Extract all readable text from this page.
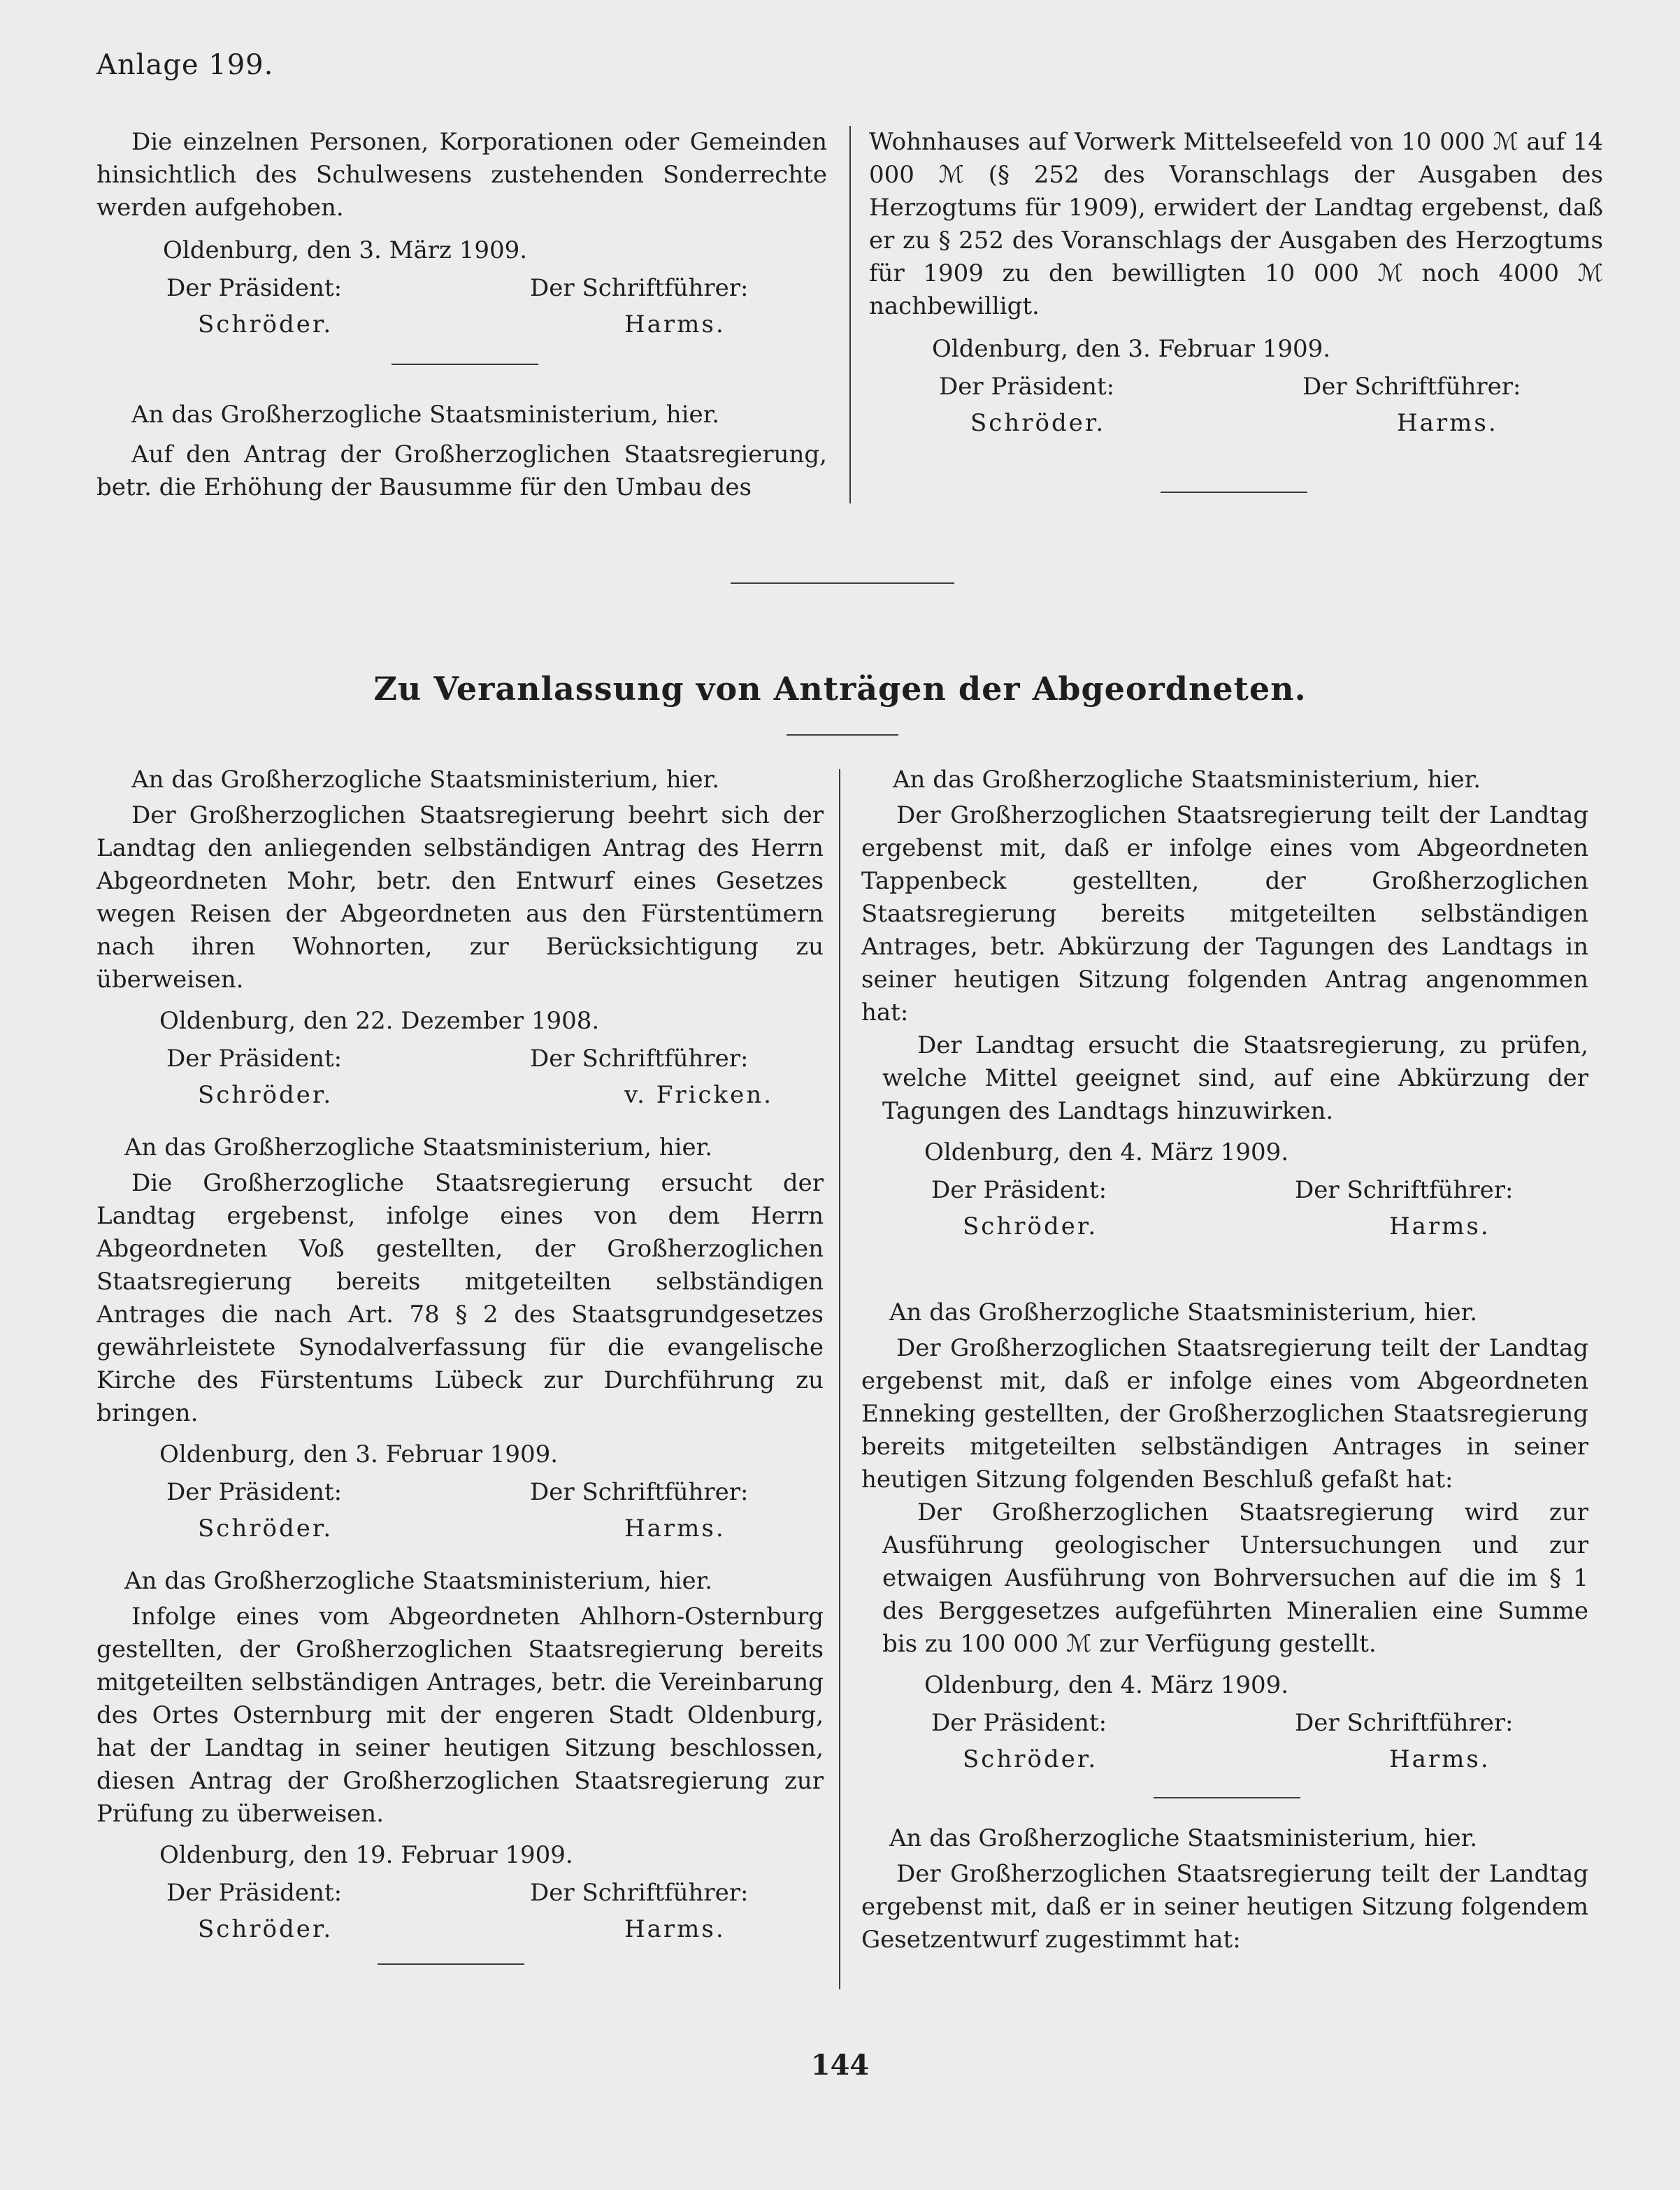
Anlage 199.

Die einzelnen Personen, Korporationen oder Gemeinden hinsichtlich des Schulwesens zustehenden Sonderrechte werden aufgehoben.

Oldenburg, den 3. März 1909.

Der Präsident:	Der Schriftführer:
Schröder.	Harms.

An das Großherzogliche Staatsministerium, hier.

Auf den Antrag der Großherzoglichen Staatsregierung, betr. die Erhöhung der Bausumme für den Umbau des

Wohnhauses auf Vorwerk Mittelseefeld von 10 000 ℳ auf 14 000 ℳ (§ 252 des Voranschlags der Ausgaben des Herzogtums für 1909), erwidert der Landtag ergebenst, daß er zu § 252 des Voranschlags der Ausgaben des Herzogtums für 1909 zu den bewilligten 10 000 ℳ noch 4000 ℳ nachbewilligt.

Oldenburg, den 3. Februar 1909.

Der Präsident:	Der Schriftführer:
Schröder.	Harms.
Zu Veranlassung von Anträgen der Abgeordneten.

An das Großherzogliche Staatsministerium, hier.

Der Großherzoglichen Staatsregierung beehrt sich der Landtag den anliegenden selbständigen Antrag des Herrn Abgeordneten Mohr, betr. den Entwurf eines Gesetzes wegen Reisen der Abgeordneten aus den Fürstentümern nach ihren Wohnorten, zur Berücksichtigung zu überweisen.

Oldenburg, den 22. Dezember 1908.

Der Präsident:	Der Schriftführer:
Schröder.	v. Fricken.

An das Großherzogliche Staatsministerium, hier.

Die Großherzogliche Staatsregierung ersucht der Landtag ergebenst, infolge eines von dem Herrn Abgeordneten Voß gestellten, der Großherzoglichen Staatsregierung bereits mitgeteilten selbständigen Antrages die nach Art. 78 § 2 des Staatsgrundgesetzes gewährleistete Synodalverfassung für die evangelische Kirche des Fürstentums Lübeck zur Durchführung zu bringen.

Oldenburg, den 3. Februar 1909.

Der Präsident:	Der Schriftführer:
Schröder.	Harms.

An das Großherzogliche Staatsministerium, hier.

Infolge eines vom Abgeordneten Ahlhorn-Osternburg gestellten, der Großherzoglichen Staatsregierung bereits mitgeteilten selbständigen Antrages, betr. die Vereinbarung des Ortes Osternburg mit der engeren Stadt Oldenburg, hat der Landtag in seiner heutigen Sitzung beschlossen, diesen Antrag der Großherzoglichen Staatsregierung zur Prüfung zu überweisen.

Oldenburg, den 19. Februar 1909.

Der Präsident:	Der Schriftführer:
Schröder.	Harms.

An das Großherzogliche Staatsministerium, hier.

Der Großherzoglichen Staatsregierung teilt der Landtag ergebenst mit, daß er infolge eines vom Abgeordneten Tappenbeck gestellten, der Großherzoglichen Staatsregierung bereits mitgeteilten selbständigen Antrages, betr. Abkürzung der Tagungen des Landtags in seiner heutigen Sitzung folgenden Antrag angenommen hat:

Der Landtag ersucht die Staatsregierung, zu prüfen, welche Mittel geeignet sind, auf eine Abkürzung der Tagungen des Landtags hinzuwirken.

Oldenburg, den 4. März 1909.

Der Präsident:	Der Schriftführer:
Schröder.	Harms.

An das Großherzogliche Staatsministerium, hier.

Der Großherzoglichen Staatsregierung teilt der Landtag ergebenst mit, daß er infolge eines vom Abgeordneten Enneking gestellten, der Großherzoglichen Staatsregierung bereits mitgeteilten selbständigen Antrages in seiner heutigen Sitzung folgenden Beschluß gefaßt hat:

Der Großherzoglichen Staatsregierung wird zur Ausführung geologischer Untersuchungen und zur etwaigen Ausführung von Bohrversuchen auf die im § 1 des Berggesetzes aufgeführten Mineralien eine Summe bis zu 100 000 ℳ zur Verfügung gestellt.

Oldenburg, den 4. März 1909.

Der Präsident:	Der Schriftführer:
Schröder.	Harms.

An das Großherzogliche Staatsministerium, hier.

Der Großherzoglichen Staatsregierung teilt der Landtag ergebenst mit, daß er in seiner heutigen Sitzung folgendem Gesetzentwurf zugestimmt hat:

144
